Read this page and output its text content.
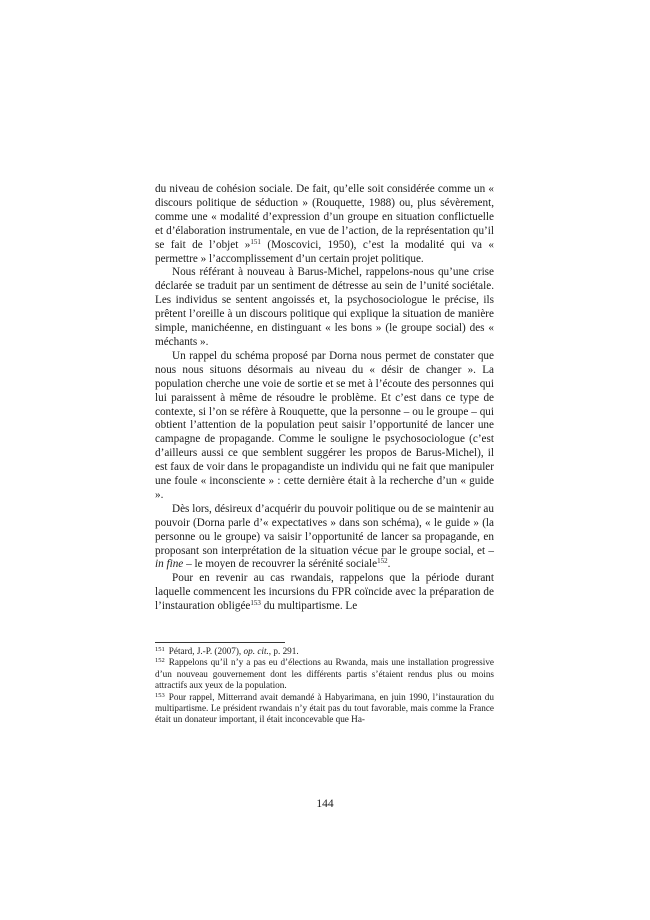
du niveau de cohésion sociale. De fait, qu’elle soit considérée comme un « discours politique de séduction » (Rouquette, 1988) ou, plus sévèrement, comme une « modalité d’expression d’un groupe en situation conflictuelle et d’élaboration instrumentale, en vue de l’action, de la représentation qu’il se fait de l’objet »$^{151}$ (Moscovici, 1950), c’est la modalité qui va « permettre » l’accomplissement d’un certain projet politique.

Nous référant à nouveau à Barus-Michel, rappelons-nous qu’une crise déclarée se traduit par un sentiment de détresse au sein de l’unité sociétale. Les individus se sentent angoissés et, la psychosociologue le précise, ils prêtent l’oreille à un discours politique qui explique la situation de manière simple, manichéenne, en distinguant « les bons » (le groupe social) des « méchants ».

Un rappel du schéma proposé par Dorna nous permet de constater que nous nous situons désormais au niveau du « désir de changer ». La population cherche une voie de sortie et se met à l’écoute des personnes qui lui paraissent à même de résoudre le problème. Et c’est dans ce type de contexte, si l’on se réfère à Rouquette, que la personne – ou le groupe – qui obtient l’attention de la population peut saisir l’opportunité de lancer une campagne de propagande. Comme le souligne le psychosociologue (c’est d’ailleurs aussi ce que semblent suggérer les propos de Barus-Michel), il est faux de voir dans le propagandiste un individu qui ne fait que manipuler une foule « inconsciente » : cette dernière était à la recherche d’un « guide ».

Dès lors, désireux d’acquérir du pouvoir politique ou de se maintenir au pouvoir (Dorna parle d’« expectatives » dans son schéma), « le guide » (la personne ou le groupe) va saisir l’opportunité de lancer sa propagande, en proposant son interprétation de la situation vécue par le groupe social, et – in fine – le moyen de recouvrer la sérénité sociale$^{152}$.

Pour en revenir au cas rwandais, rappelons que la période durant laquelle commencent les incursions du FPR coïncide avec la préparation de l’instauration obligée$^{153}$ du multipartisme. Le

$^{151}$ Pétard, J.-P. (2007), op. cit., p. 291.

$^{152}$ Rappelons qu’il n’y a pas eu d’élections au Rwanda, mais une installation progressive d’un nouveau gouvernement dont les différents partis s’étaient rendus plus ou moins attractifs aux yeux de la population.

$^{153}$ Pour rappel, Mitterrand avait demandé à Habyarimana, en juin 1990, l’instauration du multipartisme. Le président rwandais n’y était pas du tout favorable, mais comme la France était un donateur important, il était inconcevable que Ha-

144
